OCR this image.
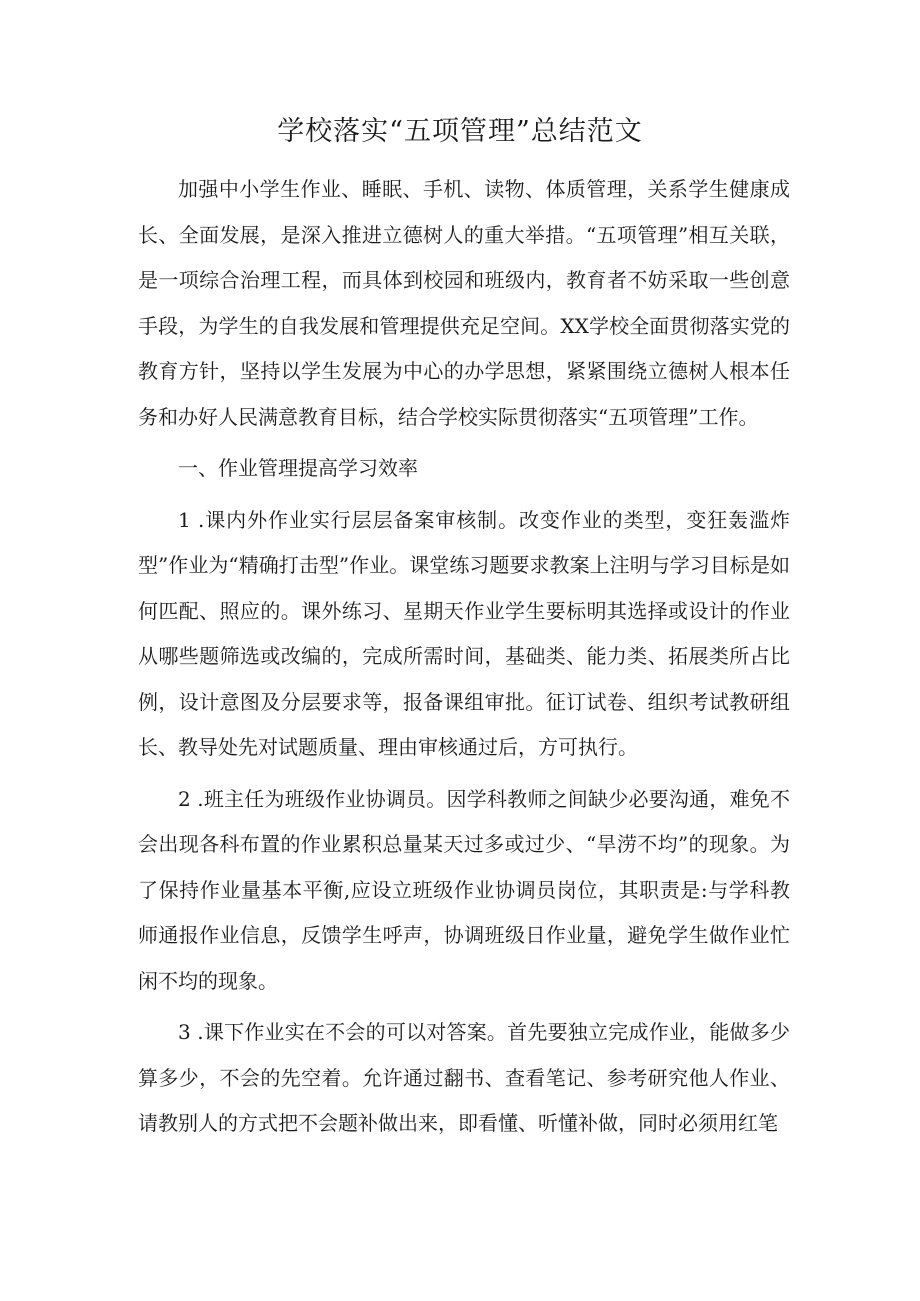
学校落实“五项管理”总结范文

加强中小学生作业、睡眠、手机、读物、体质管理，关系学生健康成长、全面发展，是深入推进立德树人的重大举措。“五项管理”相互关联，是一项综合治理工程，而具体到校园和班级内，教育者不妨采取一些创意手段，为学生的自我发展和管理提供充足空间。XX学校全面贯彻落实党的教育方针，坚持以学生发展为中心的办学思想，紧紧围绕立德树人根本任务和办好人民满意教育目标，结合学校实际贯彻落实“五项管理”工作。

一、作业管理提高学习效率

1 .课内外作业实行层层备案审核制。改变作业的类型，变狂轰滥炸型”作业为“精确打击型”作业。课堂练习题要求教案上注明与学习目标是如何匹配、照应的。课外练习、星期天作业学生要标明其选择或设计的作业从哪些题筛选或改编的，完成所需时间，基础类、能力类、拓展类所占比例，设计意图及分层要求等，报备课组审批。征订试卷、组织考试教研组长、教导处先对试题质量、理由审核通过后，方可执行。

2 .班主任为班级作业协调员。因学科教师之间缺少必要沟通，难免不会出现各科布置的作业累积总量某天过多或过少、“旱涝不均”的现象。为了保持作业量基本平衡,应设立班级作业协调员岗位，其职责是:与学科教师通报作业信息，反馈学生呼声，协调班级日作业量，避免学生做作业忙闲不均的现象。

3 .课下作业实在不会的可以对答案。首先要独立完成作业，能做多少算多少，不会的先空着。允许通过翻书、查看笔记、参考研究他人作业、请教别人的方式把不会题补做出来，即看懂、听懂补做，同时必须用红笔
